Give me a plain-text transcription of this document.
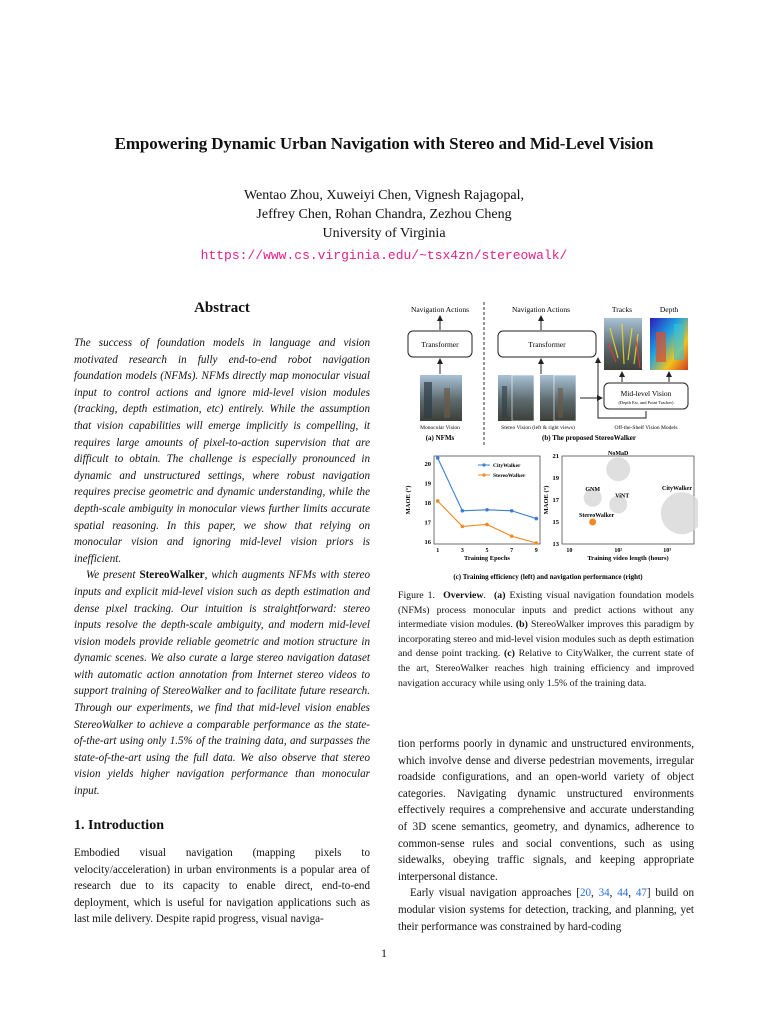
Empowering Dynamic Urban Navigation with Stereo and Mid-Level Vision
Wentao Zhou, Xuweiyi Chen, Vignesh Rajagopal,
Jeffrey Chen, Rohan Chandra, Zezhou Cheng
University of Virginia
https://www.cs.virginia.edu/~tsx4zn/stereowalk/
Abstract

The success of foundation models in language and vision motivated research in fully end-to-end robot navigation foundation models (NFMs). NFMs directly map monocular visual input to control actions and ignore mid-level vision modules (tracking, depth estimation, etc) entirely. While the assumption that vision capabilities will emerge implicitly is compelling, it requires large amounts of pixel-to-action supervision that are difficult to obtain. The challenge is especially pronounced in dynamic and unstructured settings, where robust navigation requires precise geometric and dynamic understanding, while the depth-scale ambiguity in monocular views further limits accurate spatial reasoning. In this paper, we show that relying on monocular vision and ignoring mid-level vision priors is inefficient.

We present StereoWalker, which augments NFMs with stereo inputs and explicit mid-level vision such as depth estimation and dense pixel tracking. Our intuition is straightforward: stereo inputs resolve the depth-scale ambiguity, and modern mid-level vision models provide reliable geometric and motion structure in dynamic scenes. We also curate a large stereo navigation dataset with automatic action annotation from Internet stereo videos to support training of StereoWalker and to facilitate future research. Through our experiments, we find that mid-level vision enables StereoWalker to achieve a comparable performance as the state-of-the-art using only 1.5% of the training data, and surpasses the state-of-the-art using the full data. We also observe that stereo vision yields higher navigation performance than monocular input.

1. Introduction

Embodied visual navigation (mapping pixels to velocity/acceleration) in urban environments is a popular area of research due to its capacity to enable direct, end-to-end deployment, which is useful for navigation applications such as last mile delivery. Despite rapid progress, visual naviga-

Navigation Actions
Transformer
Monocular Vision
(a) NFMs
Navigation Actions
Transformer
Stereo Vision (left & right views)
Tracks	Depth
Mid-level Vision
(Depth Est. and Point Tracker)
Off-the-Shelf Vision Models
(b) The proposed StereoWalker
1	3	5	7	9
16
17
18
19
20
Training Epochs
MAOE (°)
CityWalker
StereoWalker
10	10²	10³
13
15
17
19
21
Training video length (hours)
MAOE (°)
NoMaD
GNM
ViNT
CityWalker
StereoWalker
(c) Training efficiency (left) and navigation performance (right)
Figure 1. Overview.  (a) Existing visual navigation foundation models (NFMs) process monocular inputs and predict actions without any intermediate vision modules. (b) StereoWalker improves this paradigm by incorporating stereo and mid-level vision modules such as depth estimation and dense point tracking. (c) Relative to CityWalker, the current state of the art, StereoWalker reaches high training efficiency and improved navigation accuracy while using only 1.5% of the training data.

tion performs poorly in dynamic and unstructured environments, which involve dense and diverse pedestrian movements, irregular roadside configurations, and an open-world variety of object categories. Navigating dynamic unstructured environments effectively requires a comprehensive and accurate understanding of 3D scene semantics, geometry, and dynamics, adherence to common-sense rules and social conventions, such as using sidewalks, obeying traffic signals, and keeping appropriate interpersonal distance.

Early visual navigation approaches [20, 34, 44, 47] build on modular vision systems for detection, tracking, and planning, yet their performance was constrained by hard-coding

1
